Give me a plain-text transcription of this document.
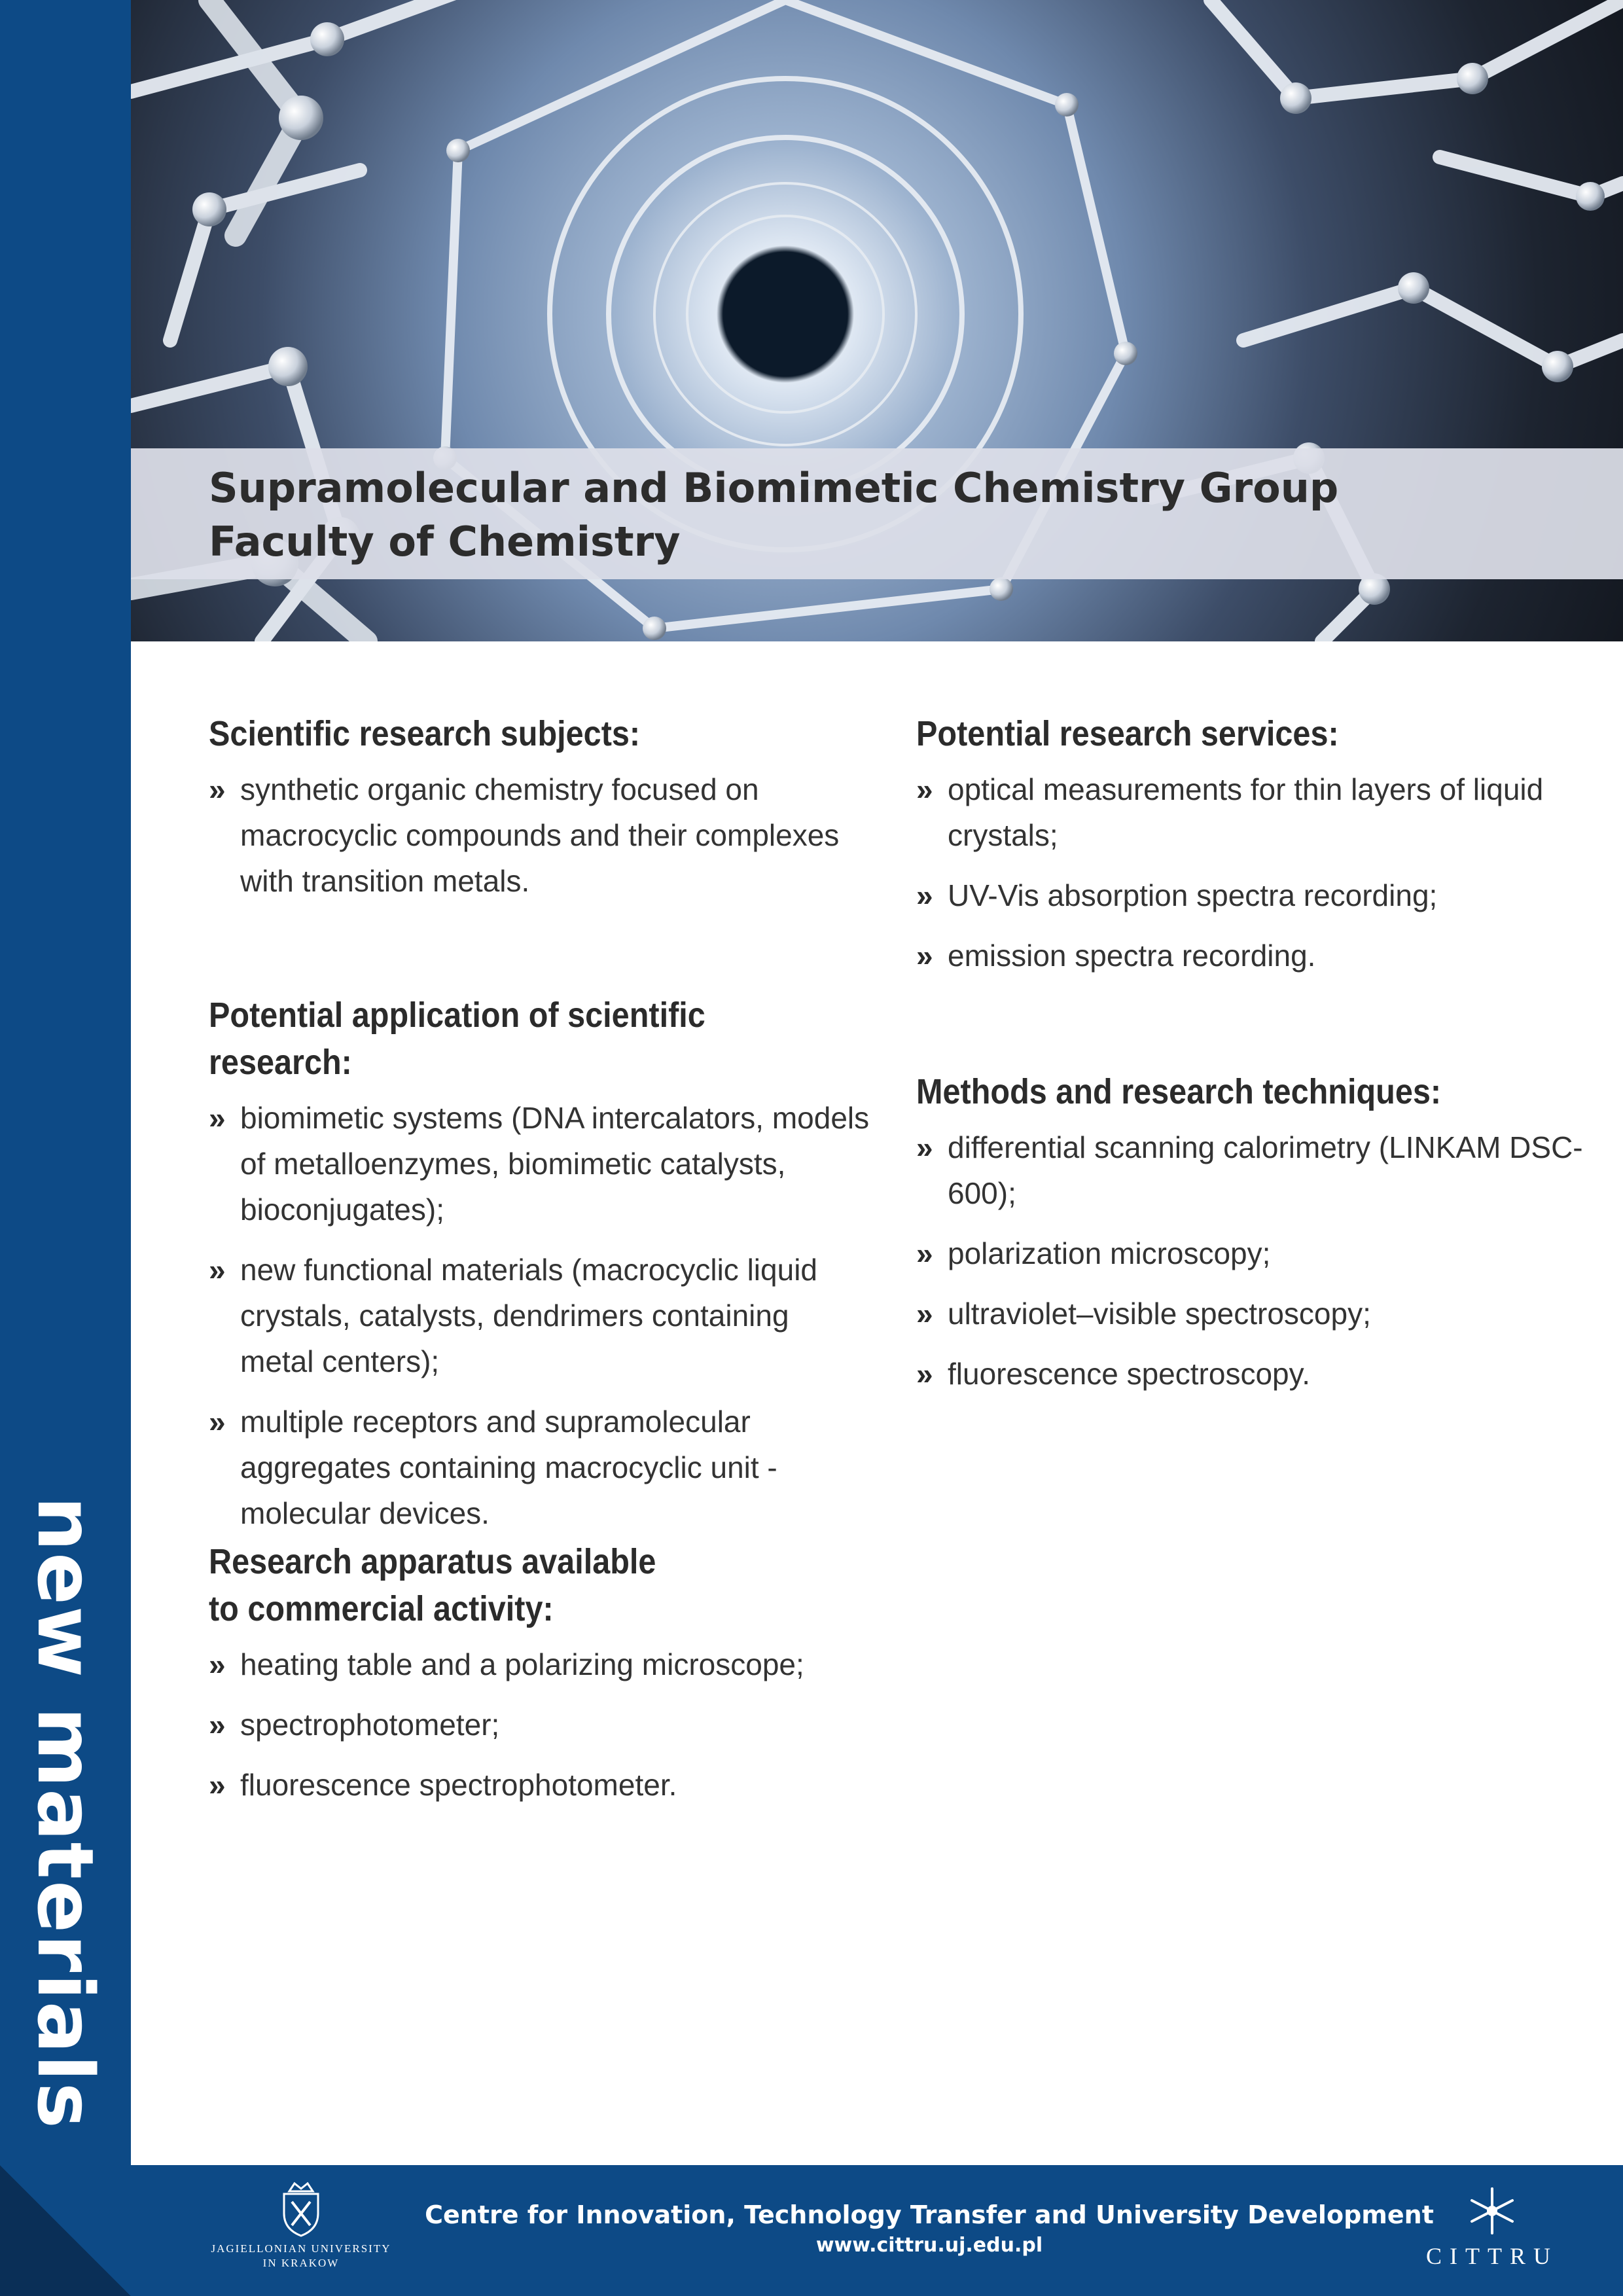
new materials
Supramolecular and Biomimetic Chemistry Group
Faculty of Chemistry
Scientific research subjects:
» synthetic organic chemistry focused on macrocyclic compounds and their complexes with transition metals.
Potential application of scientific research:
» biomimetic systems (DNA intercalators, models of metalloenzymes, biomimetic catalysts, bioconjugates);
» new functional materials (macrocyclic liquid crystals, catalysts, dendrimers containing metal centers);
» multiple receptors and supramolecular aggregates containing macrocyclic unit - molecular devices.
Research apparatus available
to commercial activity:
» heating table and a polarizing microscope;
» spectrophotometer;
» fluorescence spectrophotometer.
Potential research services:
» optical measurements for thin layers of liquid crystals;
» UV-Vis absorption spectra recording;
» emission spectra recording.
Methods and research techniques:
» differential scanning calorimetry (LINKAM DSC-600);
» polarization microscopy;
» ultraviolet–visible spectroscopy;
» fluorescence spectroscopy.
JAGIELLONIAN UNIVERSITY
IN KRAKOW
Centre for Innovation, Technology Transfer and University Development
www.cittru.uj.edu.pl	CITTRU
